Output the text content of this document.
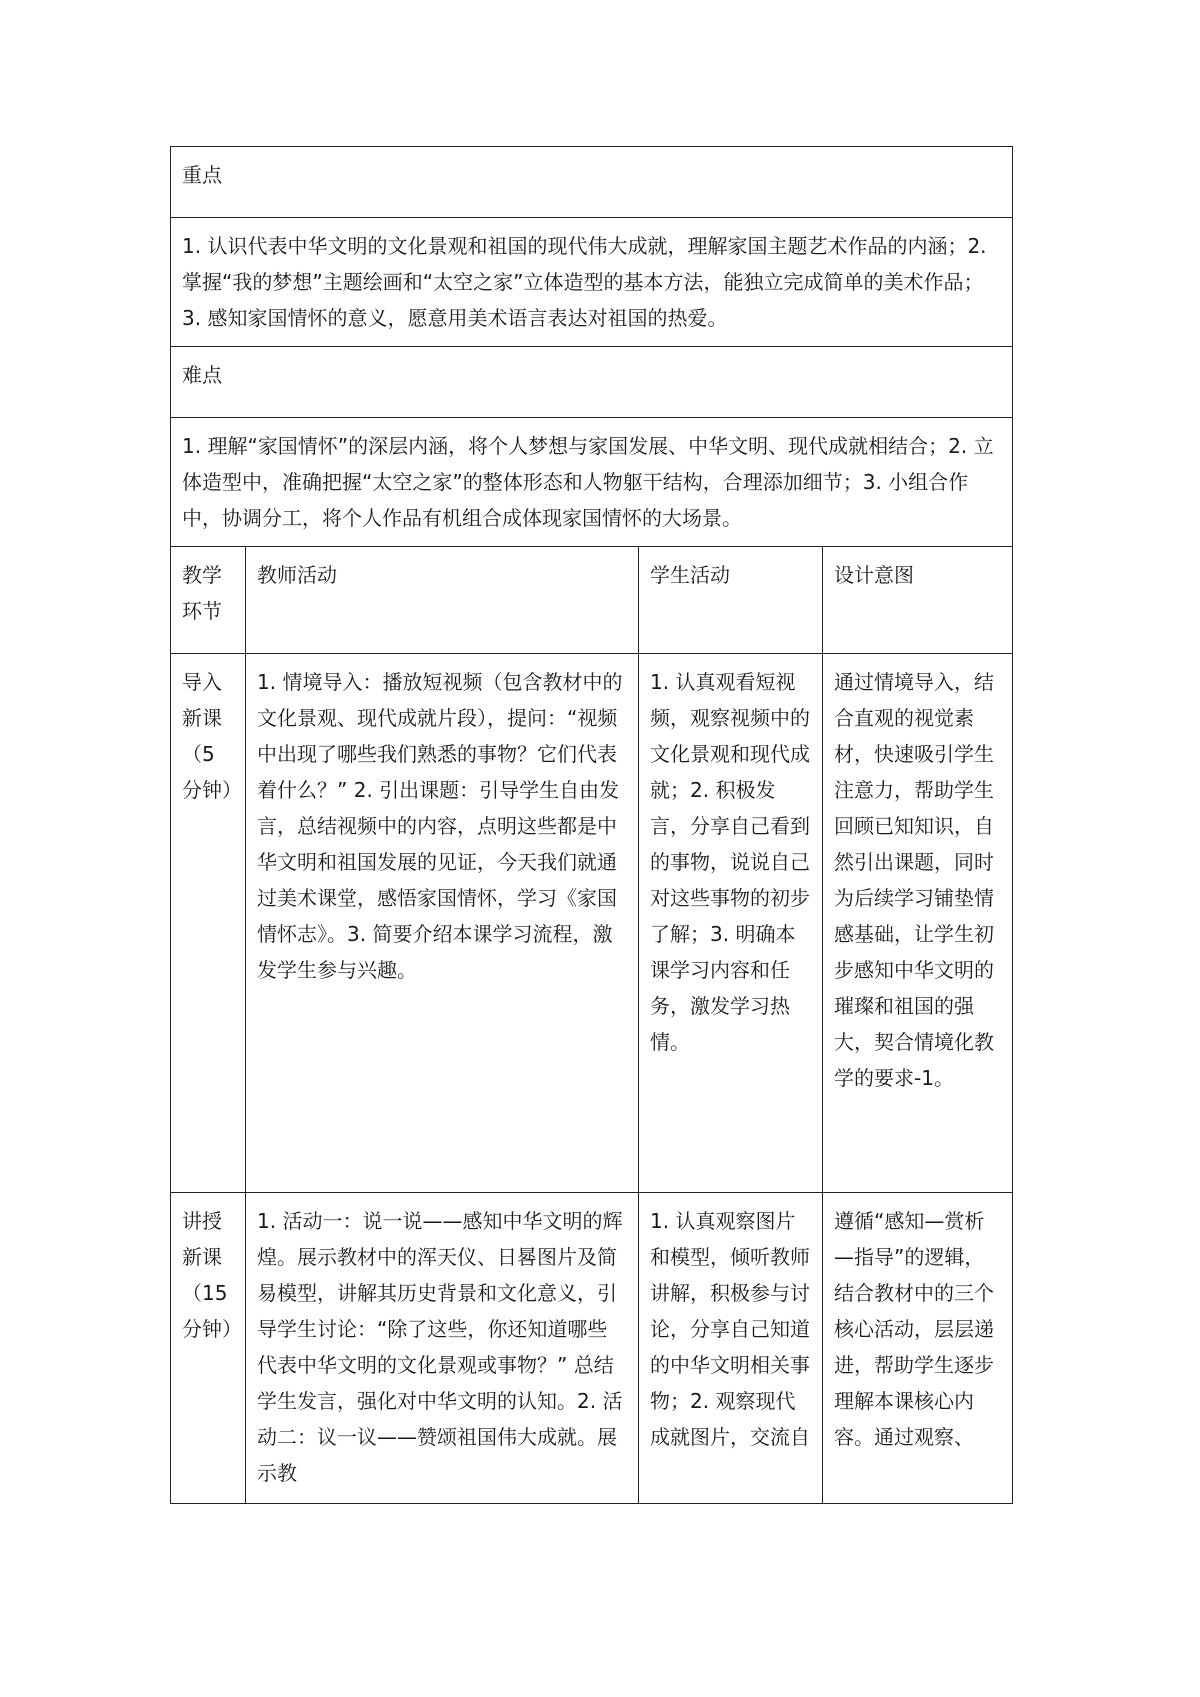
重点			
1. 认识代表中华文明的文化景观和祖国的现代伟大成就，理解家国主题艺术作品的内涵；2. 掌握“我的梦想”主题绘画和“太空之家”立体造型的基本方法，能独立完成简单的美术作品；3. 感知家国情怀的意义，愿意用美术语言表达对祖国的热爱。			
难点			
1. 理解“家国情怀”的深层内涵，将个人梦想与家国发展、中华文明、现代成就相结合；2. 立体造型中，准确把握“太空之家”的整体形态和人物躯干结构，合理添加细节；3. 小组合作中，协调分工，将个人作品有机组合成体现家国情怀的大场景。			
教学环节	教师活动	学生活动	设计意图
导入新课（5分钟）	1. 情境导入：播放短视频（包含教材中的文化景观、现代成就片段），提问：“视频中出现了哪些我们熟悉的事物？它们代表着什么？” 2. 引出课题：引导学生自由发言，总结视频中的内容，点明这些都是中华文明和祖国发展的见证，今天我们就通过美术课堂，感悟家国情怀，学习《家国情怀志》。3. 简要介绍本课学习流程，激发学生参与兴趣。	1. 认真观看短视频，观察视频中的文化景观和现代成就；2. 积极发言，分享自己看到的事物，说说自己对这些事物的初步了解；3. 明确本课学习内容和任务，激发学习热情。	通过情境导入，结合直观的视觉素材，快速吸引学生注意力，帮助学生回顾已知知识，自然引出课题，同时为后续学习铺垫情感基础，让学生初步感知中华文明的璀璨和祖国的强大，契合情境化教学的要求-1。

讲授新课（15分钟）	1. 活动一：说一说——感知中华文明的辉煌。展示教材中的浑天仪、日晷图片及简易模型，讲解其历史背景和文化意义，引导学生讨论：“除了这些，你还知道哪些代表中华文明的文化景观或事物？” 总结学生发言，强化对中华文明的认知。2. 活动二：议一议——赞颂祖国伟大成就。展示教	1. 认真观察图片和模型，倾听教师讲解，积极参与讨论，分享自己知道的中华文明相关事物；2. 观察现代成就图片，交流自	遵循“感知—赏析—指导”的逻辑，结合教材中的三个核心活动，层层递进，帮助学生逐步理解本课核心内容。通过观察、
